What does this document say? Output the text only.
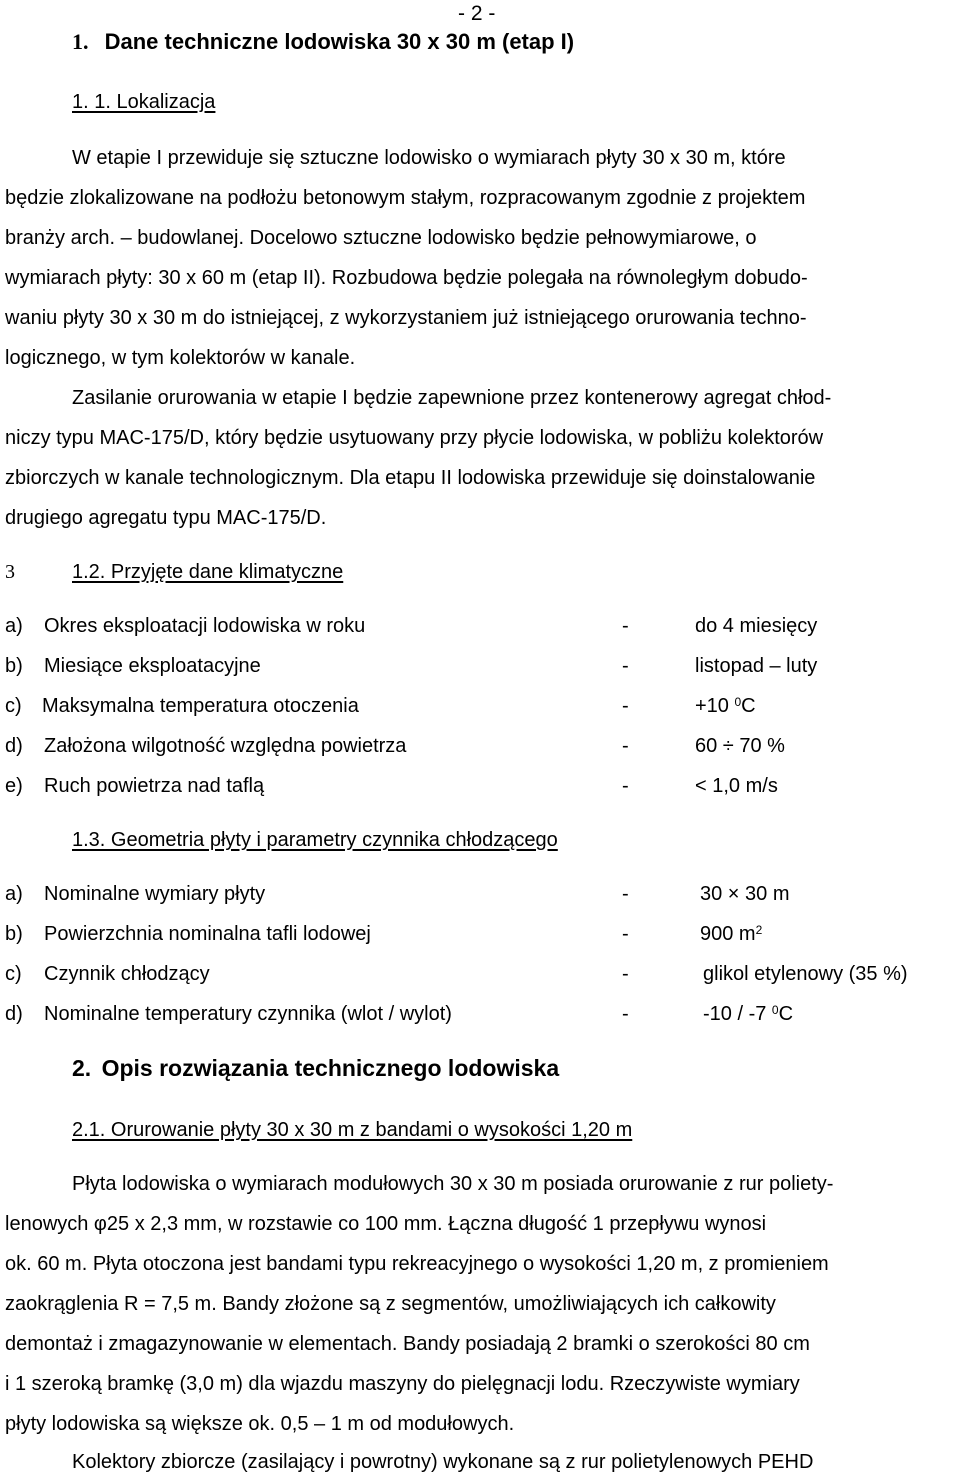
- 2 -
1. Dane techniczne lodowiska 30 x 30 m (etap I)
1. 1. Lokalizacja
W etapie I przewiduje się sztuczne lodowisko o wymiarach płyty 30 x 30 m, które
będzie zlokalizowane na podłożu betonowym stałym, rozpracowanym zgodnie z projektem
branży arch. – budowlanej. Docelowo sztuczne lodowisko będzie pełnowymiarowe, o
wymiarach płyty: 30 x 60 m (etap II). Rozbudowa będzie polegała na równoległym dobudo-
waniu płyty 30 x 30 m do istniejącej, z wykorzystaniem już istniejącego orurowania techno-
logicznego, w tym kolektorów w kanale.
Zasilanie orurowania w etapie I będzie zapewnione przez kontenerowy agregat chłod-
niczy typu MAC-175/D, który będzie usytuowany przy płycie lodowiska, w pobliżu kolektorów
zbiorczych w kanale technologicznym. Dla etapu II lodowiska przewiduje się doinstalowanie
drugiego agregatu typu MAC-175/D.
3	1.2. Przyjęte dane klimatyczne
a) Okres eksploatacji lodowiska w roku	-	do 4 miesięcy
b) Miesiące eksploatacyjne	-	listopad – luty
c) Maksymalna temperatura otoczenia	-	+10 $^0$C
d) Założona wilgotność względna powietrza	-	60 ÷ 70 %
e) Ruch powietrza nad taflą	-	< 1,0 m/s
1.3. Geometria płyty i parametry czynnika chłodzącego
a) Nominalne wymiary płyty	-	30 × 30 m
b) Powierzchnia nominalna tafli lodowej	-	900 $m^2$
c) Czynnik chłodzący	-	glikol etylenowy (35 %)
d) Nominalne temperatury czynnika (wlot / wylot)	-	-10 / -7 $^0$C
2. Opis rozwiązania technicznego lodowiska
2.1. Orurowanie płyty 30 x 30 m z bandami o wysokości 1,20 m
Płyta lodowiska o wymiarach modułowych 30 x 30 m posiada orurowanie z rur poliety-
lenowych φ25 x 2,3 mm, w rozstawie co 100 mm. Łączna długość 1 przepływu wynosi
ok. 60 m. Płyta otoczona jest bandami typu rekreacyjnego o wysokości 1,20 m, z promieniem
zaokrąglenia R = 7,5 m. Bandy złożone są z segmentów, umożliwiających ich całkowity
demontaż i zmagazynowanie w elementach. Bandy posiadają 2 bramki o szerokości 80 cm
i 1 szeroką bramkę (3,0 m) dla wjazdu maszyny do pielęgnacji lodu. Rzeczywiste wymiary
płyty lodowiska są większe ok. 0,5 – 1 m od modułowych.
Kolektory zbiorcze (zasilający i powrotny) wykonane są z rur polietylenowych PEHD
